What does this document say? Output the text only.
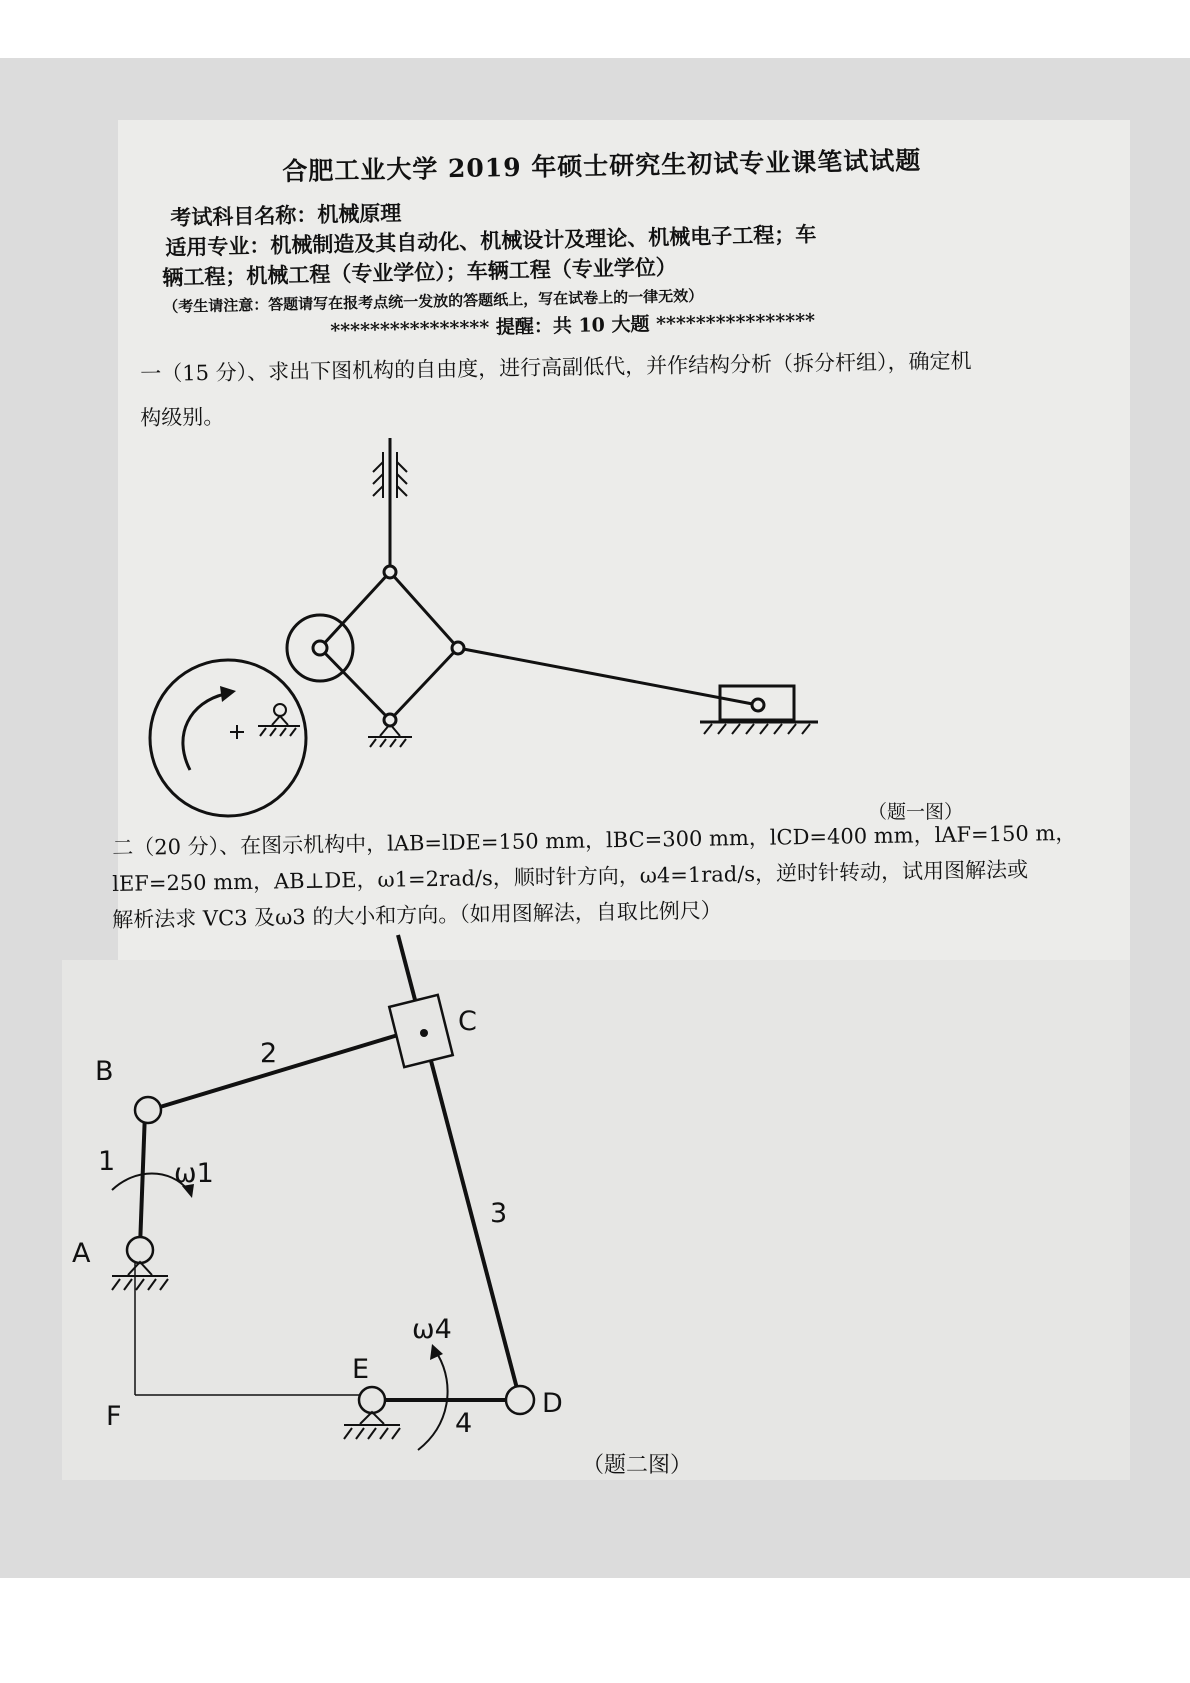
合肥工业大学 2019 年硕士研究生初试专业课笔试试题
考试科目名称：机械原理
适用专业：机械制造及其自动化、机械设计及理论、机械电子工程；车
辆工程；机械工程（专业学位）；车辆工程（专业学位）
（考生请注意：答题请写在报考点统一发放的答题纸上，写在试卷上的一律无效）
**************** 提醒：共 10 大题 ****************
一（15 分）、求出下图机构的自由度，进行高副低代，并作结构分析（拆分杆组），确定机
构级别。
B
C
A
F
E
D
2
1
3
4
ω1
ω4
（题一图）
二（20 分）、在图示机构中，lAB=lDE=150 mm，lBC=300 mm，lCD=400 mm，lAF=150 m，
lEF=250 mm，AB⊥DE，ω1=2rad/s，顺时针方向，ω4=1rad/s，逆时针转动，试用图解法或
解析法求 VC3 及ω3 的大小和方向。（如用图解法，自取比例尺）
（题二图）
